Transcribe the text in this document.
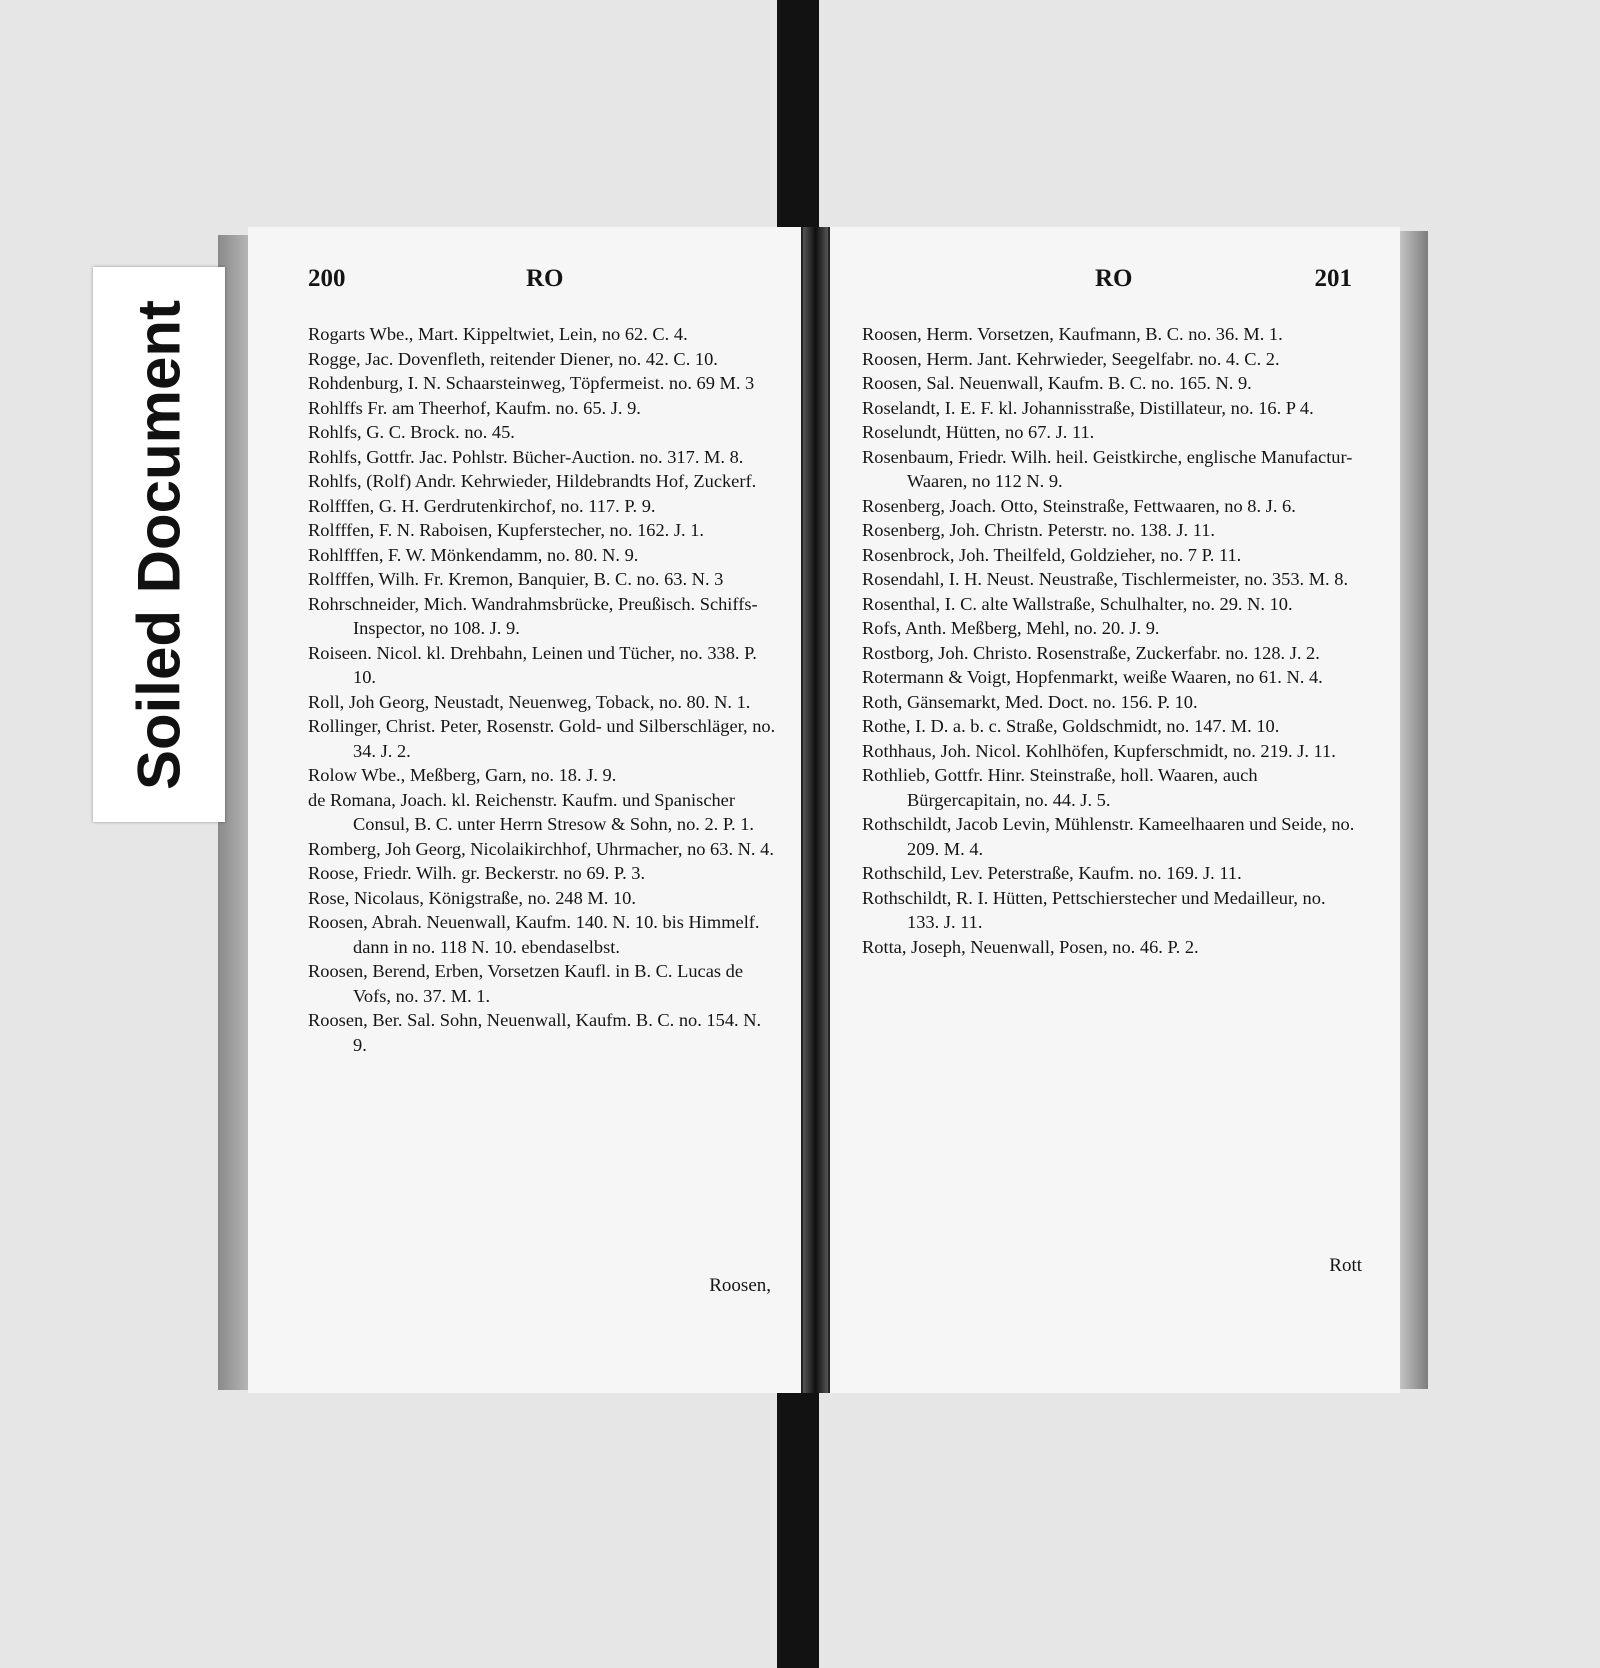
200	RO

Rogarts Wbe., Mart. Kippeltwiet, Lein, no 62. C. 4.

Rogge, Jac. Dovenfleth, reitender Diener, no. 42. C. 10.

Rohdenburg, I. N. Schaarsteinweg, Töpfermeist. no. 69 M. 3

Rohlffs Fr. am Theerhof, Kaufm. no. 65. J. 9.

Rohlfs, G. C. Brock. no. 45.

Rohlfs, Gottfr. Jac. Pohlstr. Bücher-Auction. no. 317. M. 8.

Rohlfs, (Rolf) Andr. Kehrwieder, Hildebrandts Hof, Zuckerf.

Rolfffen, G. H. Gerdrutenkirchof, no. 117. P. 9.

Rolfffen, F. N. Raboisen, Kupferstecher, no. 162. J. 1.

Rohlfffen, F. W. Mönkendamm, no. 80. N. 9.

Rolfffen, Wilh. Fr. Kremon, Banquier, B. C. no. 63. N. 3

Rohrschneider, Mich. Wandrahmsbrücke, Preußisch. Schiffs-Inspector, no 108. J. 9.

Roiseen. Nicol. kl. Drehbahn, Leinen und Tücher, no. 338. P. 10.

Roll, Joh Georg, Neustadt, Neuenweg, Toback, no. 80. N. 1.

Rollinger, Christ. Peter, Rosenstr. Gold- und Silberschläger, no. 34. J. 2.

Rolow Wbe., Meßberg, Garn, no. 18. J. 9.

de Romana, Joach. kl. Reichenstr. Kaufm. und Spanischer Consul, B. C. unter Herrn Stresow & Sohn, no. 2. P. 1.

Romberg, Joh Georg, Nicolaikirchhof, Uhrmacher, no 63. N. 4.

Roose, Friedr. Wilh. gr. Beckerstr. no 69. P. 3.

Rose, Nicolaus, Königstraße, no. 248 M. 10.

Roosen, Abrah. Neuenwall, Kaufm. 140. N. 10. bis Himmelf. dann in no. 118 N. 10. ebendaselbst.

Roosen, Berend, Erben, Vorsetzen Kaufl. in B. C. Lucas de Vofs, no. 37. M. 1.

Roosen, Ber. Sal. Sohn, Neuenwall, Kaufm. B. C. no. 154. N. 9.

Roosen,
RO	201

Roosen, Herm. Vorsetzen, Kaufmann, B. C. no. 36. M. 1.

Roosen, Herm. Jant. Kehrwieder, Seegelfabr. no. 4. C. 2.

Roosen, Sal. Neuenwall, Kaufm. B. C. no. 165. N. 9.

Roselandt, I. E. F. kl. Johannisstraße, Distillateur, no. 16. P 4.

Roselundt, Hütten, no 67. J. 11.

Rosenbaum, Friedr. Wilh. heil. Geistkirche, englische Manufactur-Waaren, no 112 N. 9.

Rosenberg, Joach. Otto, Steinstraße, Fettwaaren, no 8. J. 6.

Rosenberg, Joh. Christn. Peterstr. no. 138. J. 11.

Rosenbrock, Joh. Theilfeld, Goldzieher, no. 7 P. 11.

Rosendahl, I. H. Neust. Neustraße, Tischlermeister, no. 353. M. 8.

Rosenthal, I. C. alte Wallstraße, Schulhalter, no. 29. N. 10.

Rofs, Anth. Meßberg, Mehl, no. 20. J. 9.

Rostborg, Joh. Christo. Rosenstraße, Zuckerfabr. no. 128. J. 2.

Rotermann & Voigt, Hopfenmarkt, weiße Waaren, no 61. N. 4.

Roth, Gänsemarkt, Med. Doct. no. 156. P. 10.

Rothe, I. D. a. b. c. Straße, Goldschmidt, no. 147. M. 10.

Rothhaus, Joh. Nicol. Kohlhöfen, Kupferschmidt, no. 219. J. 11.

Rothlieb, Gottfr. Hinr. Steinstraße, holl. Waaren, auch Bürgercapitain, no. 44. J. 5.

Rothschildt, Jacob Levin, Mühlenstr. Kameelhaaren und Seide, no. 209. M. 4.

Rothschild, Lev. Peterstraße, Kaufm. no. 169. J. 11.

Rothschildt, R. I. Hütten, Pettschierstecher und Medailleur, no. 133. J. 11.

Rotta, Joseph, Neuenwall, Posen, no. 46. P. 2.

Rott
Soiled Document
